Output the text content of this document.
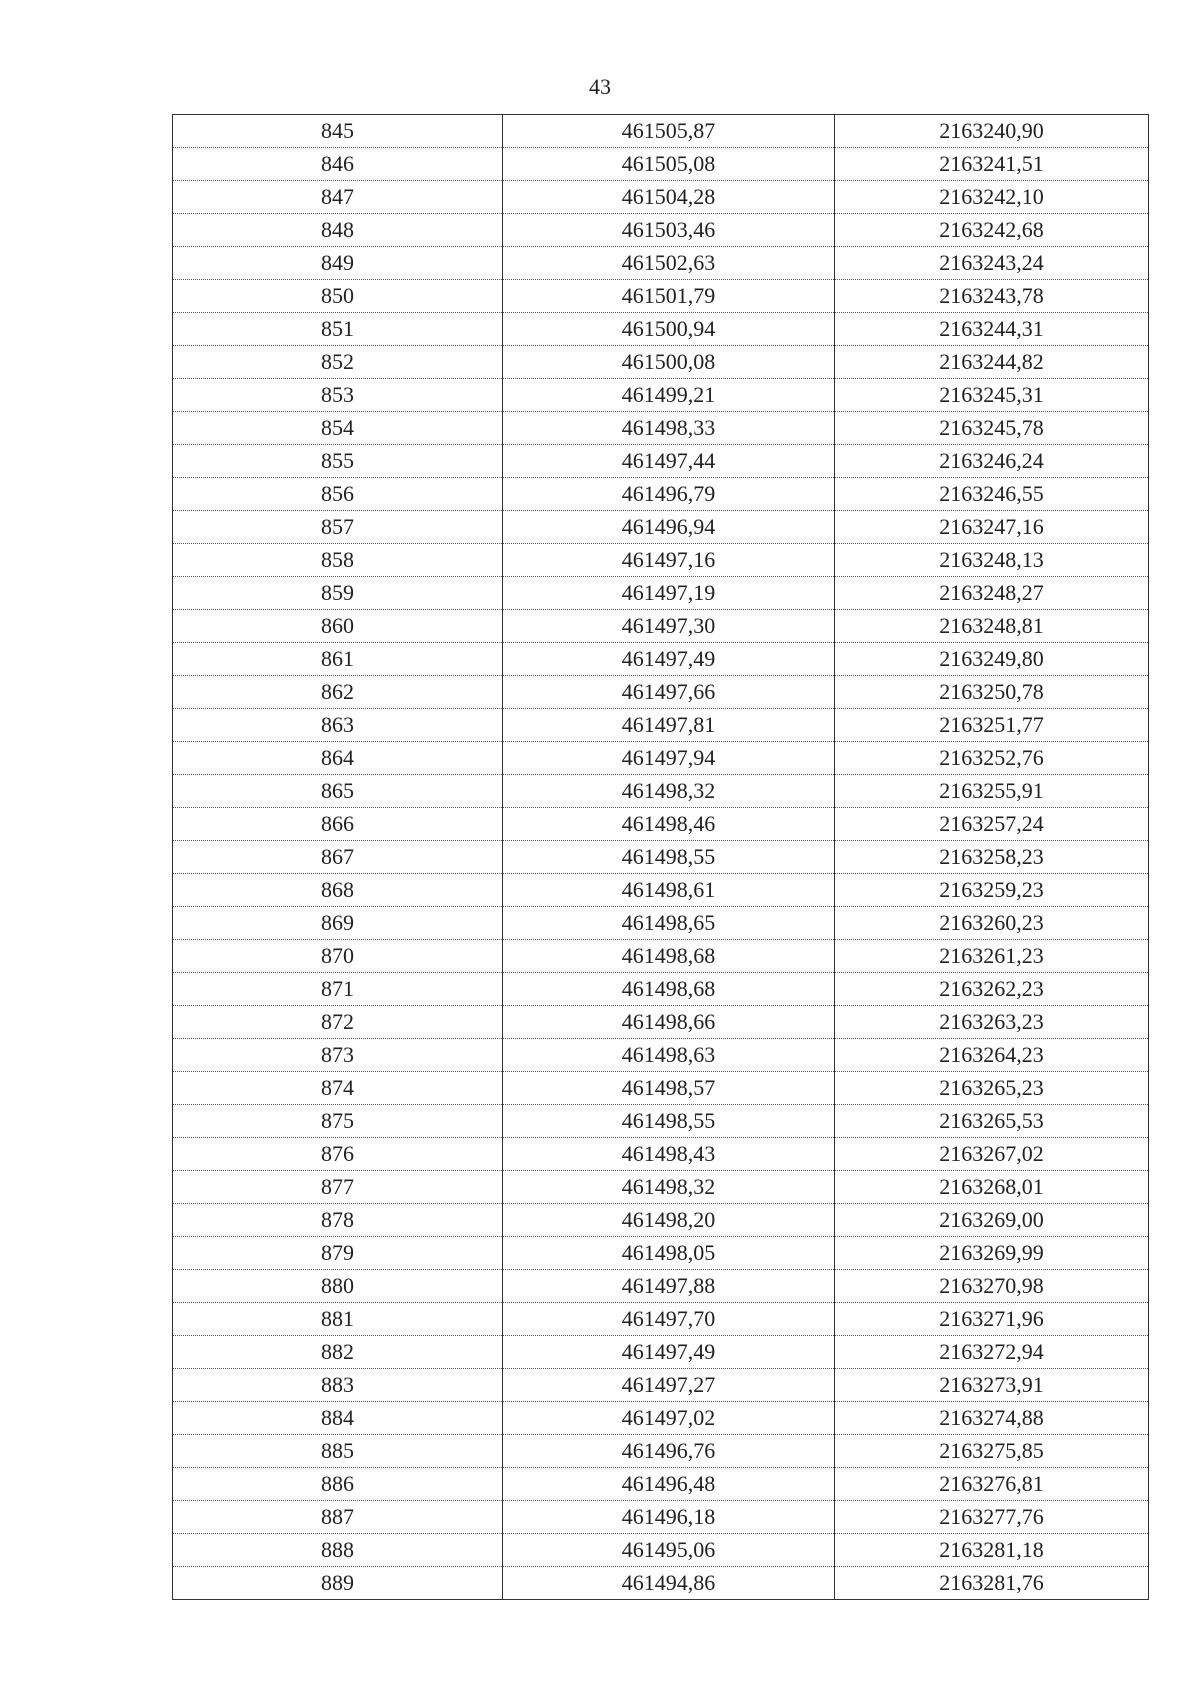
43
845	461505,87	2163240,90
846	461505,08	2163241,51
847	461504,28	2163242,10
848	461503,46	2163242,68
849	461502,63	2163243,24
850	461501,79	2163243,78
851	461500,94	2163244,31
852	461500,08	2163244,82
853	461499,21	2163245,31
854	461498,33	2163245,78
855	461497,44	2163246,24
856	461496,79	2163246,55
857	461496,94	2163247,16
858	461497,16	2163248,13
859	461497,19	2163248,27
860	461497,30	2163248,81
861	461497,49	2163249,80
862	461497,66	2163250,78
863	461497,81	2163251,77
864	461497,94	2163252,76
865	461498,32	2163255,91
866	461498,46	2163257,24
867	461498,55	2163258,23
868	461498,61	2163259,23
869	461498,65	2163260,23
870	461498,68	2163261,23
871	461498,68	2163262,23
872	461498,66	2163263,23
873	461498,63	2163264,23
874	461498,57	2163265,23
875	461498,55	2163265,53
876	461498,43	2163267,02
877	461498,32	2163268,01
878	461498,20	2163269,00
879	461498,05	2163269,99
880	461497,88	2163270,98
881	461497,70	2163271,96
882	461497,49	2163272,94
883	461497,27	2163273,91
884	461497,02	2163274,88
885	461496,76	2163275,85
886	461496,48	2163276,81
887	461496,18	2163277,76
888	461495,06	2163281,18
889	461494,86	2163281,76
